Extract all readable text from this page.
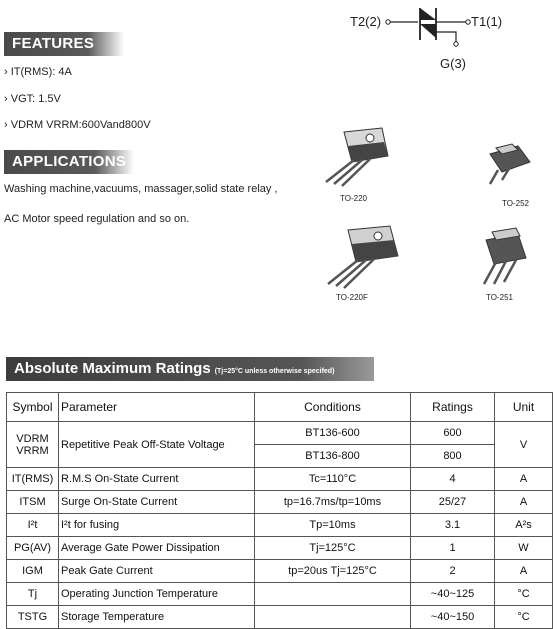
T2(2)	T1(1)
G(3)
FEATURES
› IT(RMS): 4A
› VGT: 1.5V
› VDRM VRRM:600Vand800V
APPLICATIONS
Washing machine,vacuums, massager,solid state relay ,
AC Motor speed regulation and so on.
TO-220
TO-252
TO-220F	TO-251
Absolute Maximum Ratings (Tj=25°C unless otherwise specifed)
Symbol	Parameter	Conditions	Ratings	Unit

VDRM
VRRM	Repetitive Peak Off-State Voltage	BT136-600	600	V
		BT136-800	800	
IT(RMS)	R.M.S On-State Current	Tc=110°C	4	A
ITSM	Surge On-State Current	tp=16.7ms/tp=10ms	25/27	A
I²t	I²t for fusing	Tp=10ms	3.1	A²s
PG(AV)	Average Gate Power Dissipation	Tj=125°C	1	W
IGM	Peak Gate Current	tp=20us Tj=125°C	2	A
Tj	Operating Junction Temperature		~40~125	°C
TSTG	Storage Temperature		~40~150	°C
